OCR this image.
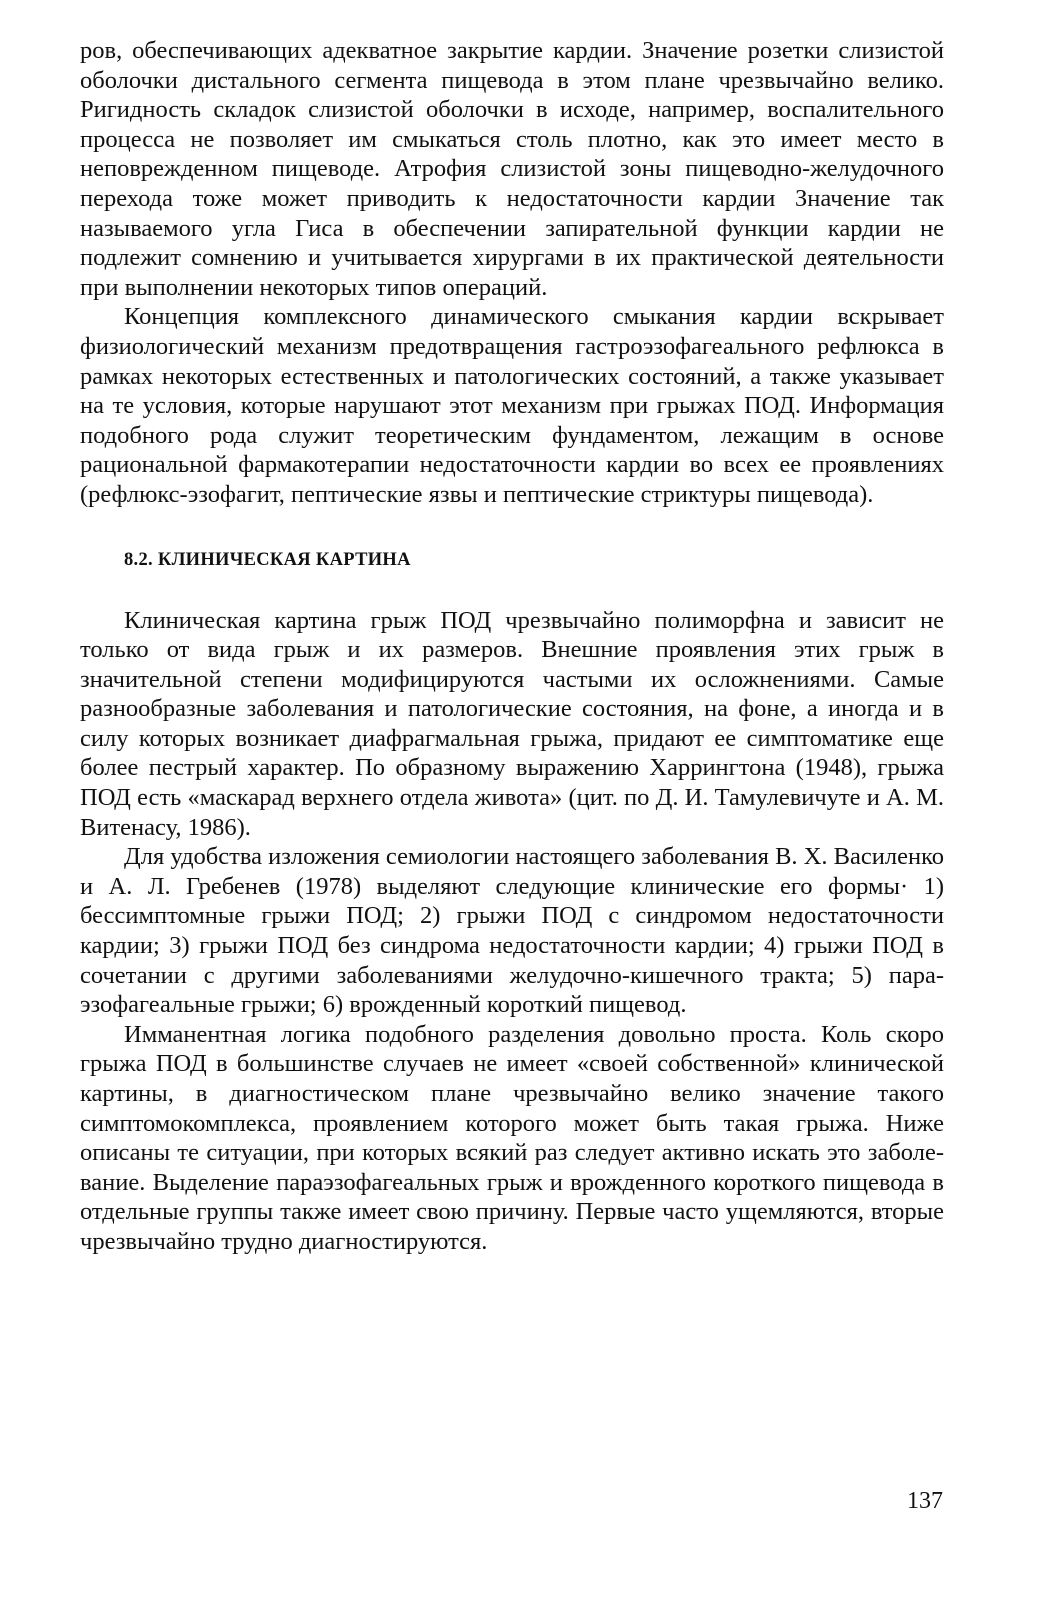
ров, обеспечивающих адекватное закрытие кардии. Значение розетки слизистой оболочки дистального сегмента пищевода в этом плане чрезвычайно велико. Ригидность складок слизистой оболочки в исходе, например, воспалительного процесса не позволяет им смыкаться столь плотно, как это имеет место в неповрежденном пищеводе. Атрофия слизистой зоны пищеводно-желудочного перехода тоже может приводить к недостаточности кардии Значение так называемого угла Гиса в обеспечении запирательной функции кардии не подлежит сомнению и учитывается хирургами в их практической деятельности при выполнении некоторых типов операций.

Концепция комплексного динамического смыкания кардии вскрывает физиологический механизм предотвращения гастроэзофагеального рефлюкса в рамках некоторых естественных и патологических состояний, а также указывает на те условия, которые нарушают этот механизм при грыжах ПОД. Информация подобного рода служит теоретическим фундаментом, лежащим в основе рациональной фармакотерапии недостаточности кардии во всех ее проявлениях (рефлюкс-эзофагит, пептические язвы и пептические стриктуры пищевода).

8.2. КЛИНИЧЕСКАЯ КАРТИНА

Клиническая картина грыж ПОД чрезвычайно полиморфна и зависит не только от вида грыж и их размеров. Внешние проявления этих грыж в значительной степени модифицируются частыми их осложнениями. Самые разнообразные заболевания и патологические состояния, на фоне, а иногда и в силу которых возникает диафрагмальная грыжа, придают ее симптоматике еще более пестрый характер. По образному выражению Харрингтона (1948), грыжа ПОД есть «маскарад верхнего отдела живота» (цит. по Д. И. Тамулевичуте и А. М. Витенасу, 1986).

Для удобства изложения семиологии настоящего заболевания В. Х. Василенко и А. Л. Гребенев (1978) выделяют следующие клинические его формы· 1) бессимптомные грыжи ПОД; 2) грыжи ПОД с синдромом недостаточности кардии; 3) грыжи ПОД без синдрома недостаточности кардии; 4) грыжи ПОД в сочетании с другими заболеваниями желудочно-кишечного тракта; 5) параэзофагеальные грыжи; 6) врожденный короткий пищевод.

Имманентная логика подобного разделения довольно проста. Коль скоро грыжа ПОД в большинстве случаев не имеет «своей собственной» клинической картины, в диагностическом плане чрезвычайно велико значение такого симптомокомплекса, проявлением которого может быть такая грыжа. Ниже описаны те ситуации, при которых всякий раз следует активно искать это заболевание. Выделение параэзофагеальных грыж и врожденного короткого пищевода в отдельные группы также имеет свою причину. Первые часто ущемляются, вторые чрезвычайно трудно диагностируются.

137
